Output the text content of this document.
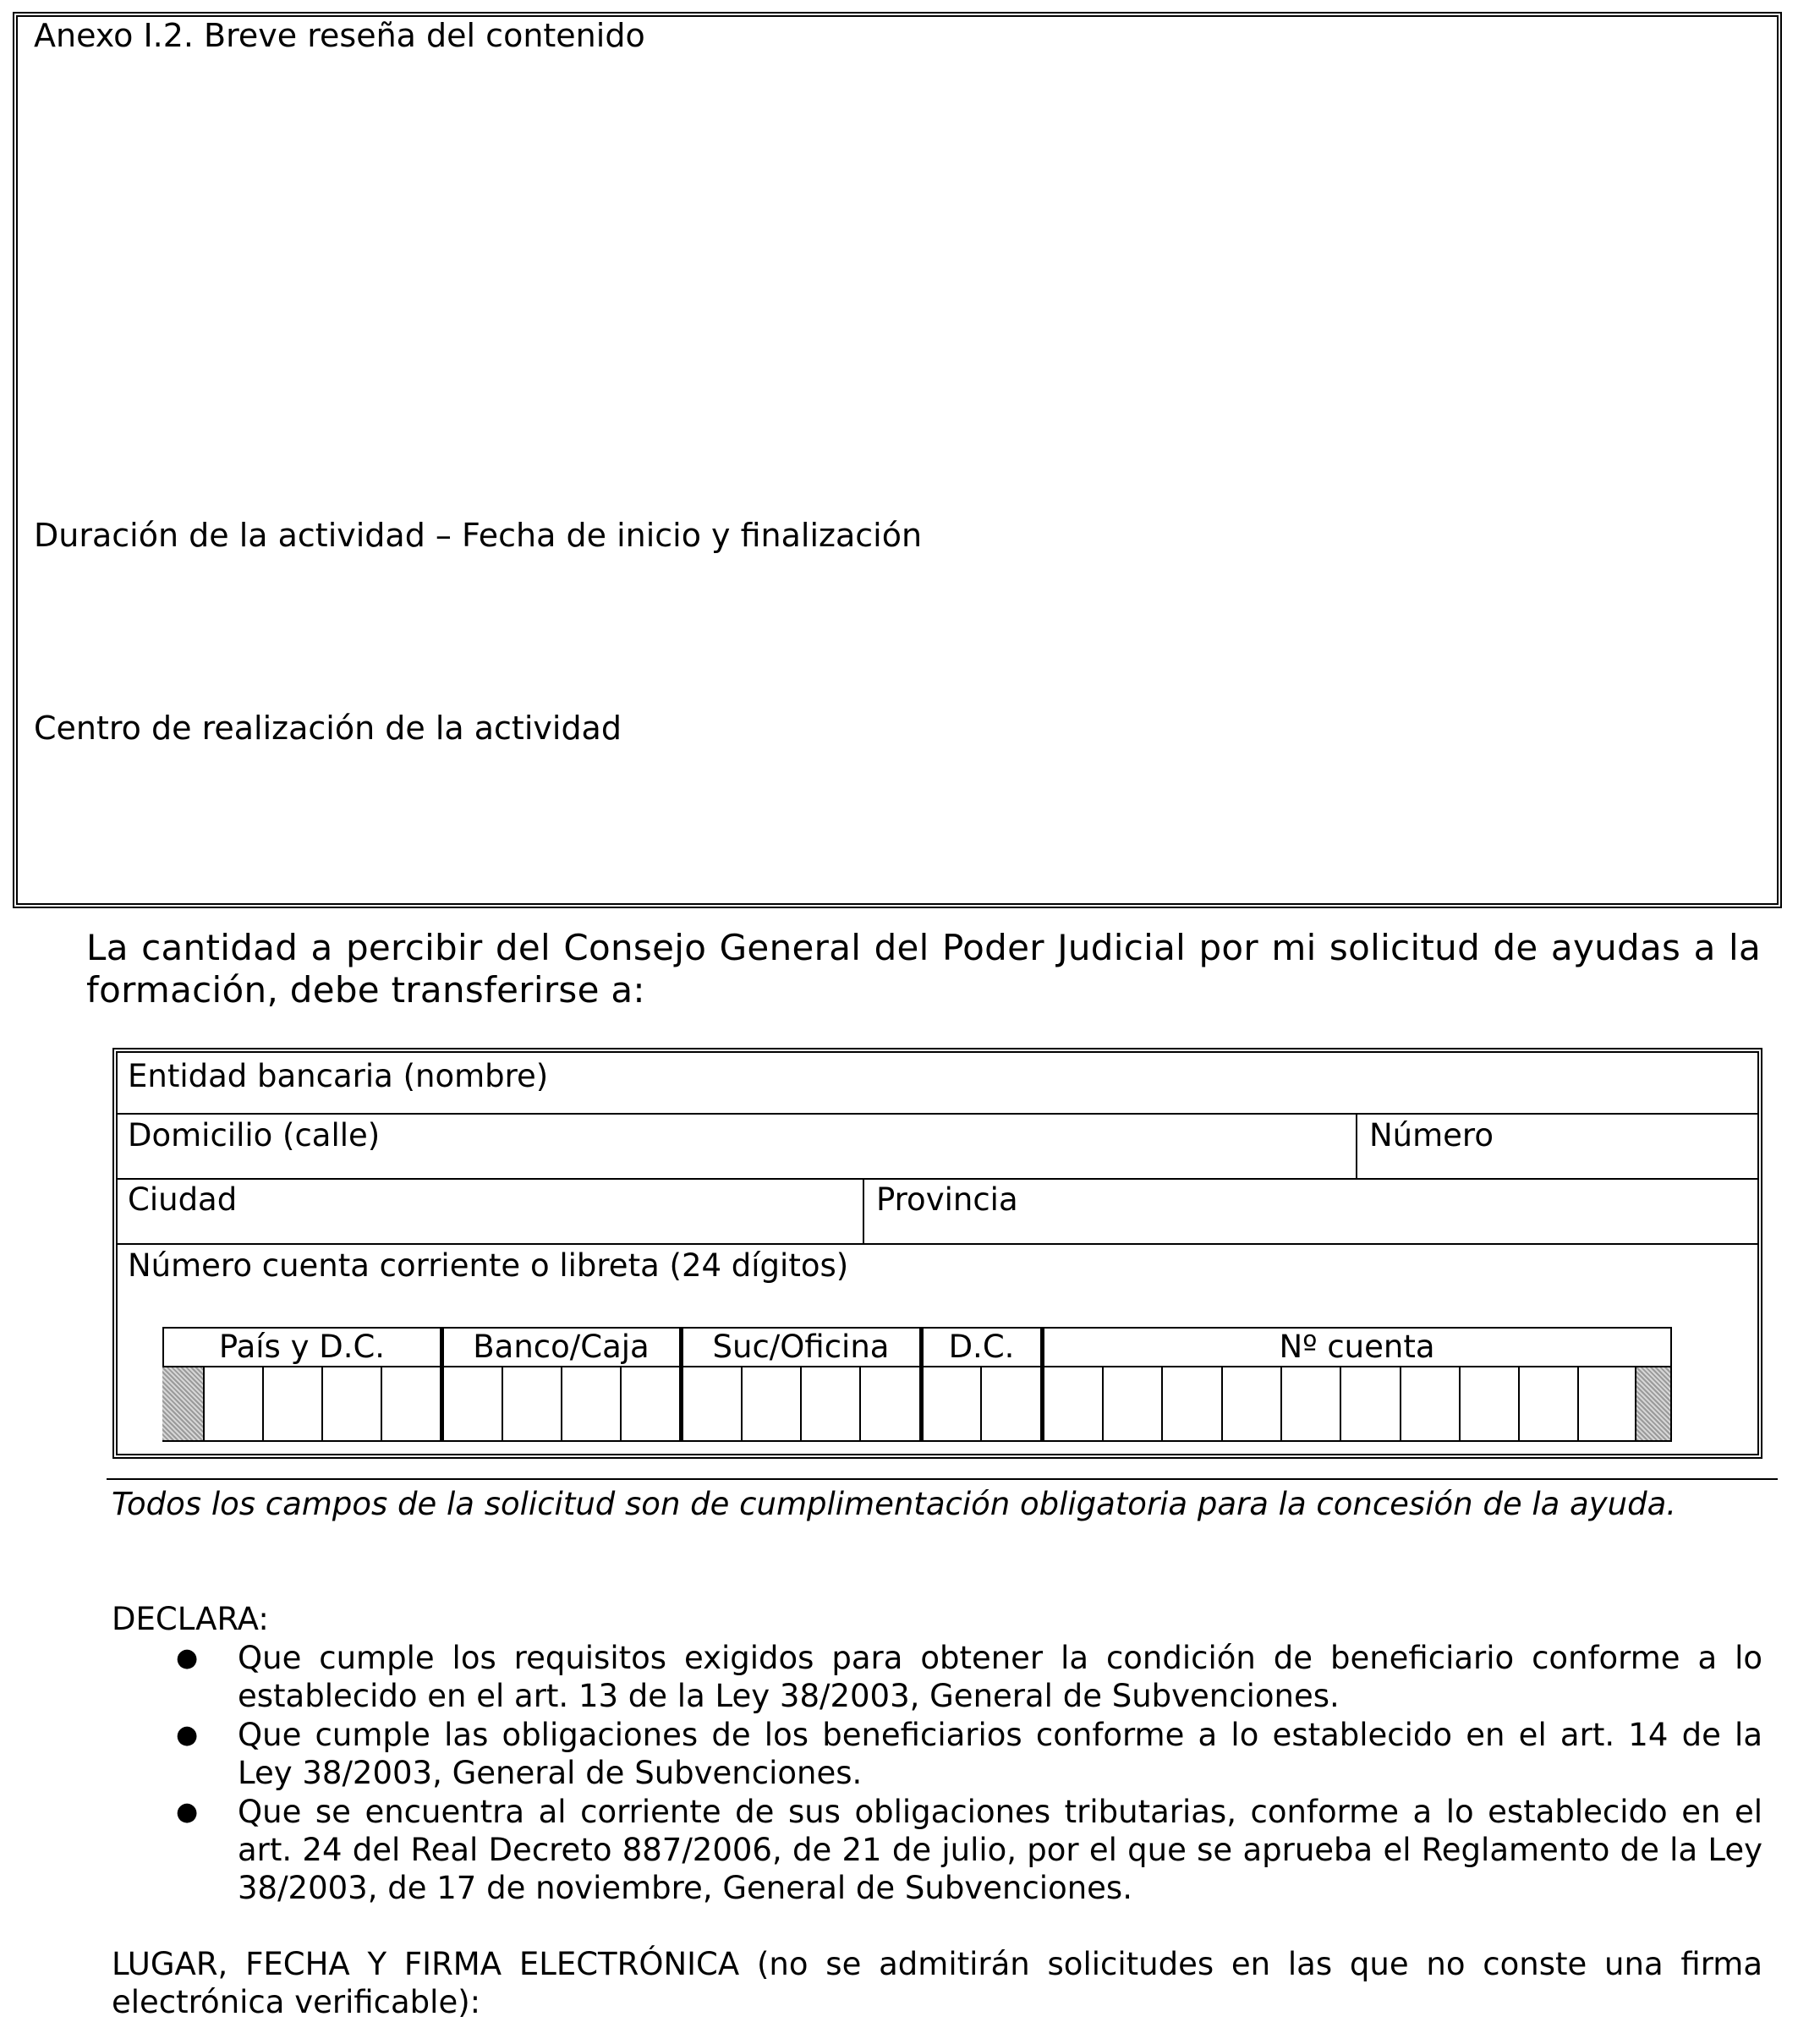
Anexo I.2. Breve reseña del contenido
Duración de la actividad – Fecha de inicio y finalización
Centro de realización de la actividad
La cantidad a percibir del Consejo General del Poder Judicial por mi solicitud de ayudas a la formación, debe transferirse a:
Entidad bancaria (nombre)
Domicilio (calle)	Número
Ciudad	Provincia
Número cuenta corriente o libreta (24 dígitos)
País y D.C.	Banco/Caja	Suc/Oficina	D.C.	Nº cuenta
Todos los campos de la solicitud son de cumplimentación obligatoria para la concesión de la ayuda.
DECLARA:
● Que cumple los requisitos exigidos para obtener la condición de beneficiario conforme a lo establecido en el art. 13 de la Ley 38/2003, General de Subvenciones.
● Que cumple las obligaciones de los beneficiarios conforme a lo establecido en el art. 14 de la Ley 38/2003, General de Subvenciones.
● Que se encuentra al corriente de sus obligaciones tributarias, conforme a lo establecido en el art. 24 del Real Decreto 887/2006, de 21 de julio, por el que se aprueba el Reglamento de la Ley 38/2003, de 17 de noviembre, General de Subvenciones.
LUGAR, FECHA Y FIRMA ELECTRÓNICA (no se admitirán solicitudes en las que no conste una firma electrónica verificable):
